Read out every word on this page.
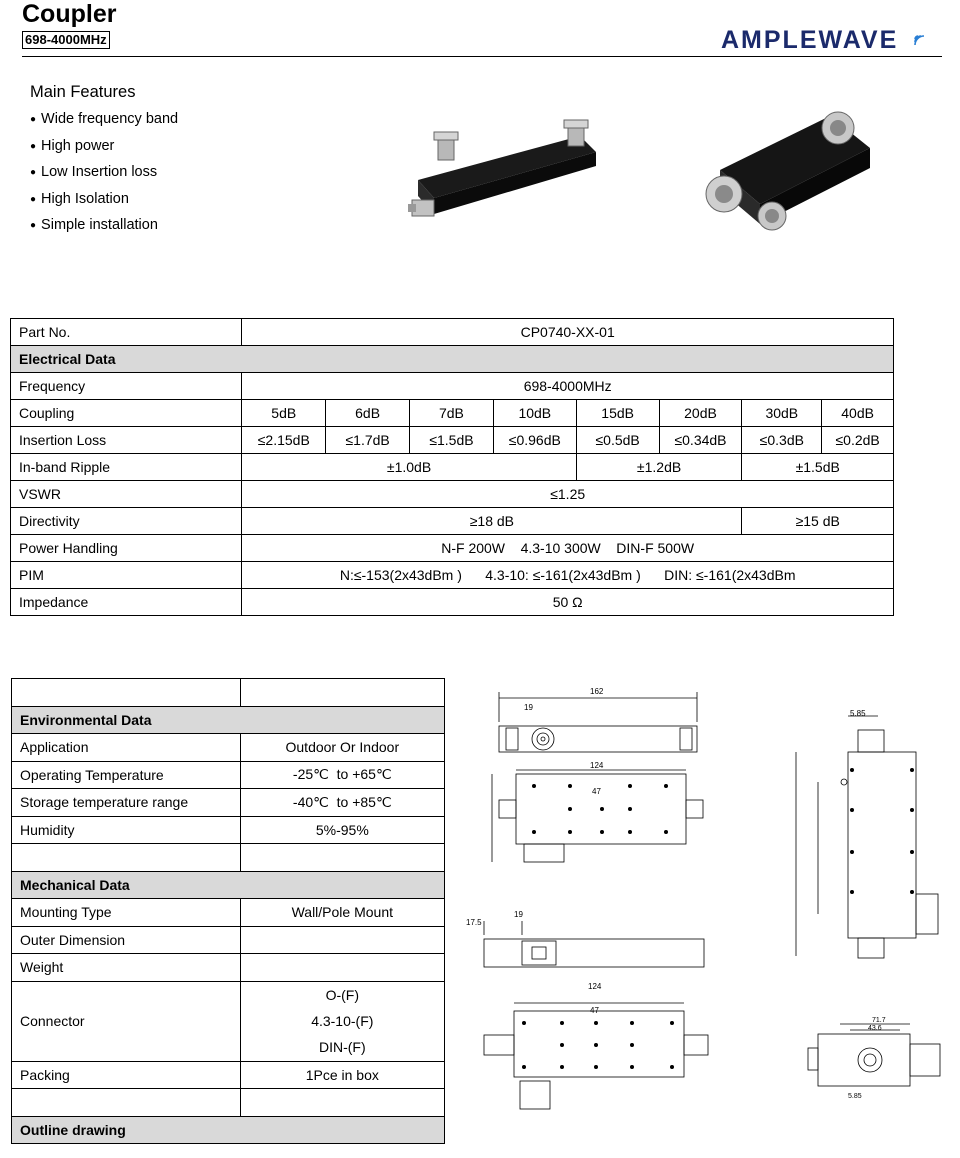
Coupler
698-4000MHz	AMPLEWAVE
Main Features
● Wide frequency band
● High power
● Low Insertion loss
● High Isolation
● Simple installation
Part No.	CP0740-XX-01							
Electrical Data								
Frequency	698-4000MHz							
Coupling	5dB	6dB	7dB	10dB	15dB	20dB	30dB	40dB
Insertion Loss	≤2.15dB	≤1.7dB	≤1.5dB	≤0.96dB	≤0.5dB	≤0.34dB	≤0.3dB	≤0.2dB
In-band Ripple	±1.0dB				±1.2dB		±1.5dB	
VSWR	≤1.25							
Directivity	≥18 dB						≥15 dB	
Power Handling	N-F 200W    4.3-10 300W    DIN-F 500W							
PIM	N:≤-153(2x43dBm )      4.3-10: ≤-161(2x43dBm )      DIN: ≤-161(2x43dBm							
Impedance	50 Ω							

Environmental Data	
Application	Outdoor Or Indoor
Operating Temperature	-25℃  to +65℃
Storage temperature range	-40℃  to +85℃
Humidity	5%-95%

Mechanical Data	
Mounting Type	Wall/Pole Mount
Outer Dimension	
Weight	
Connector	O-(F)
4.3-10-(F)
DIN-(F)

Packing	1Pce in box

Outline drawing	
162
19
124
47
17.5
19
124
47
5.85
71.7
43.6
5.85
